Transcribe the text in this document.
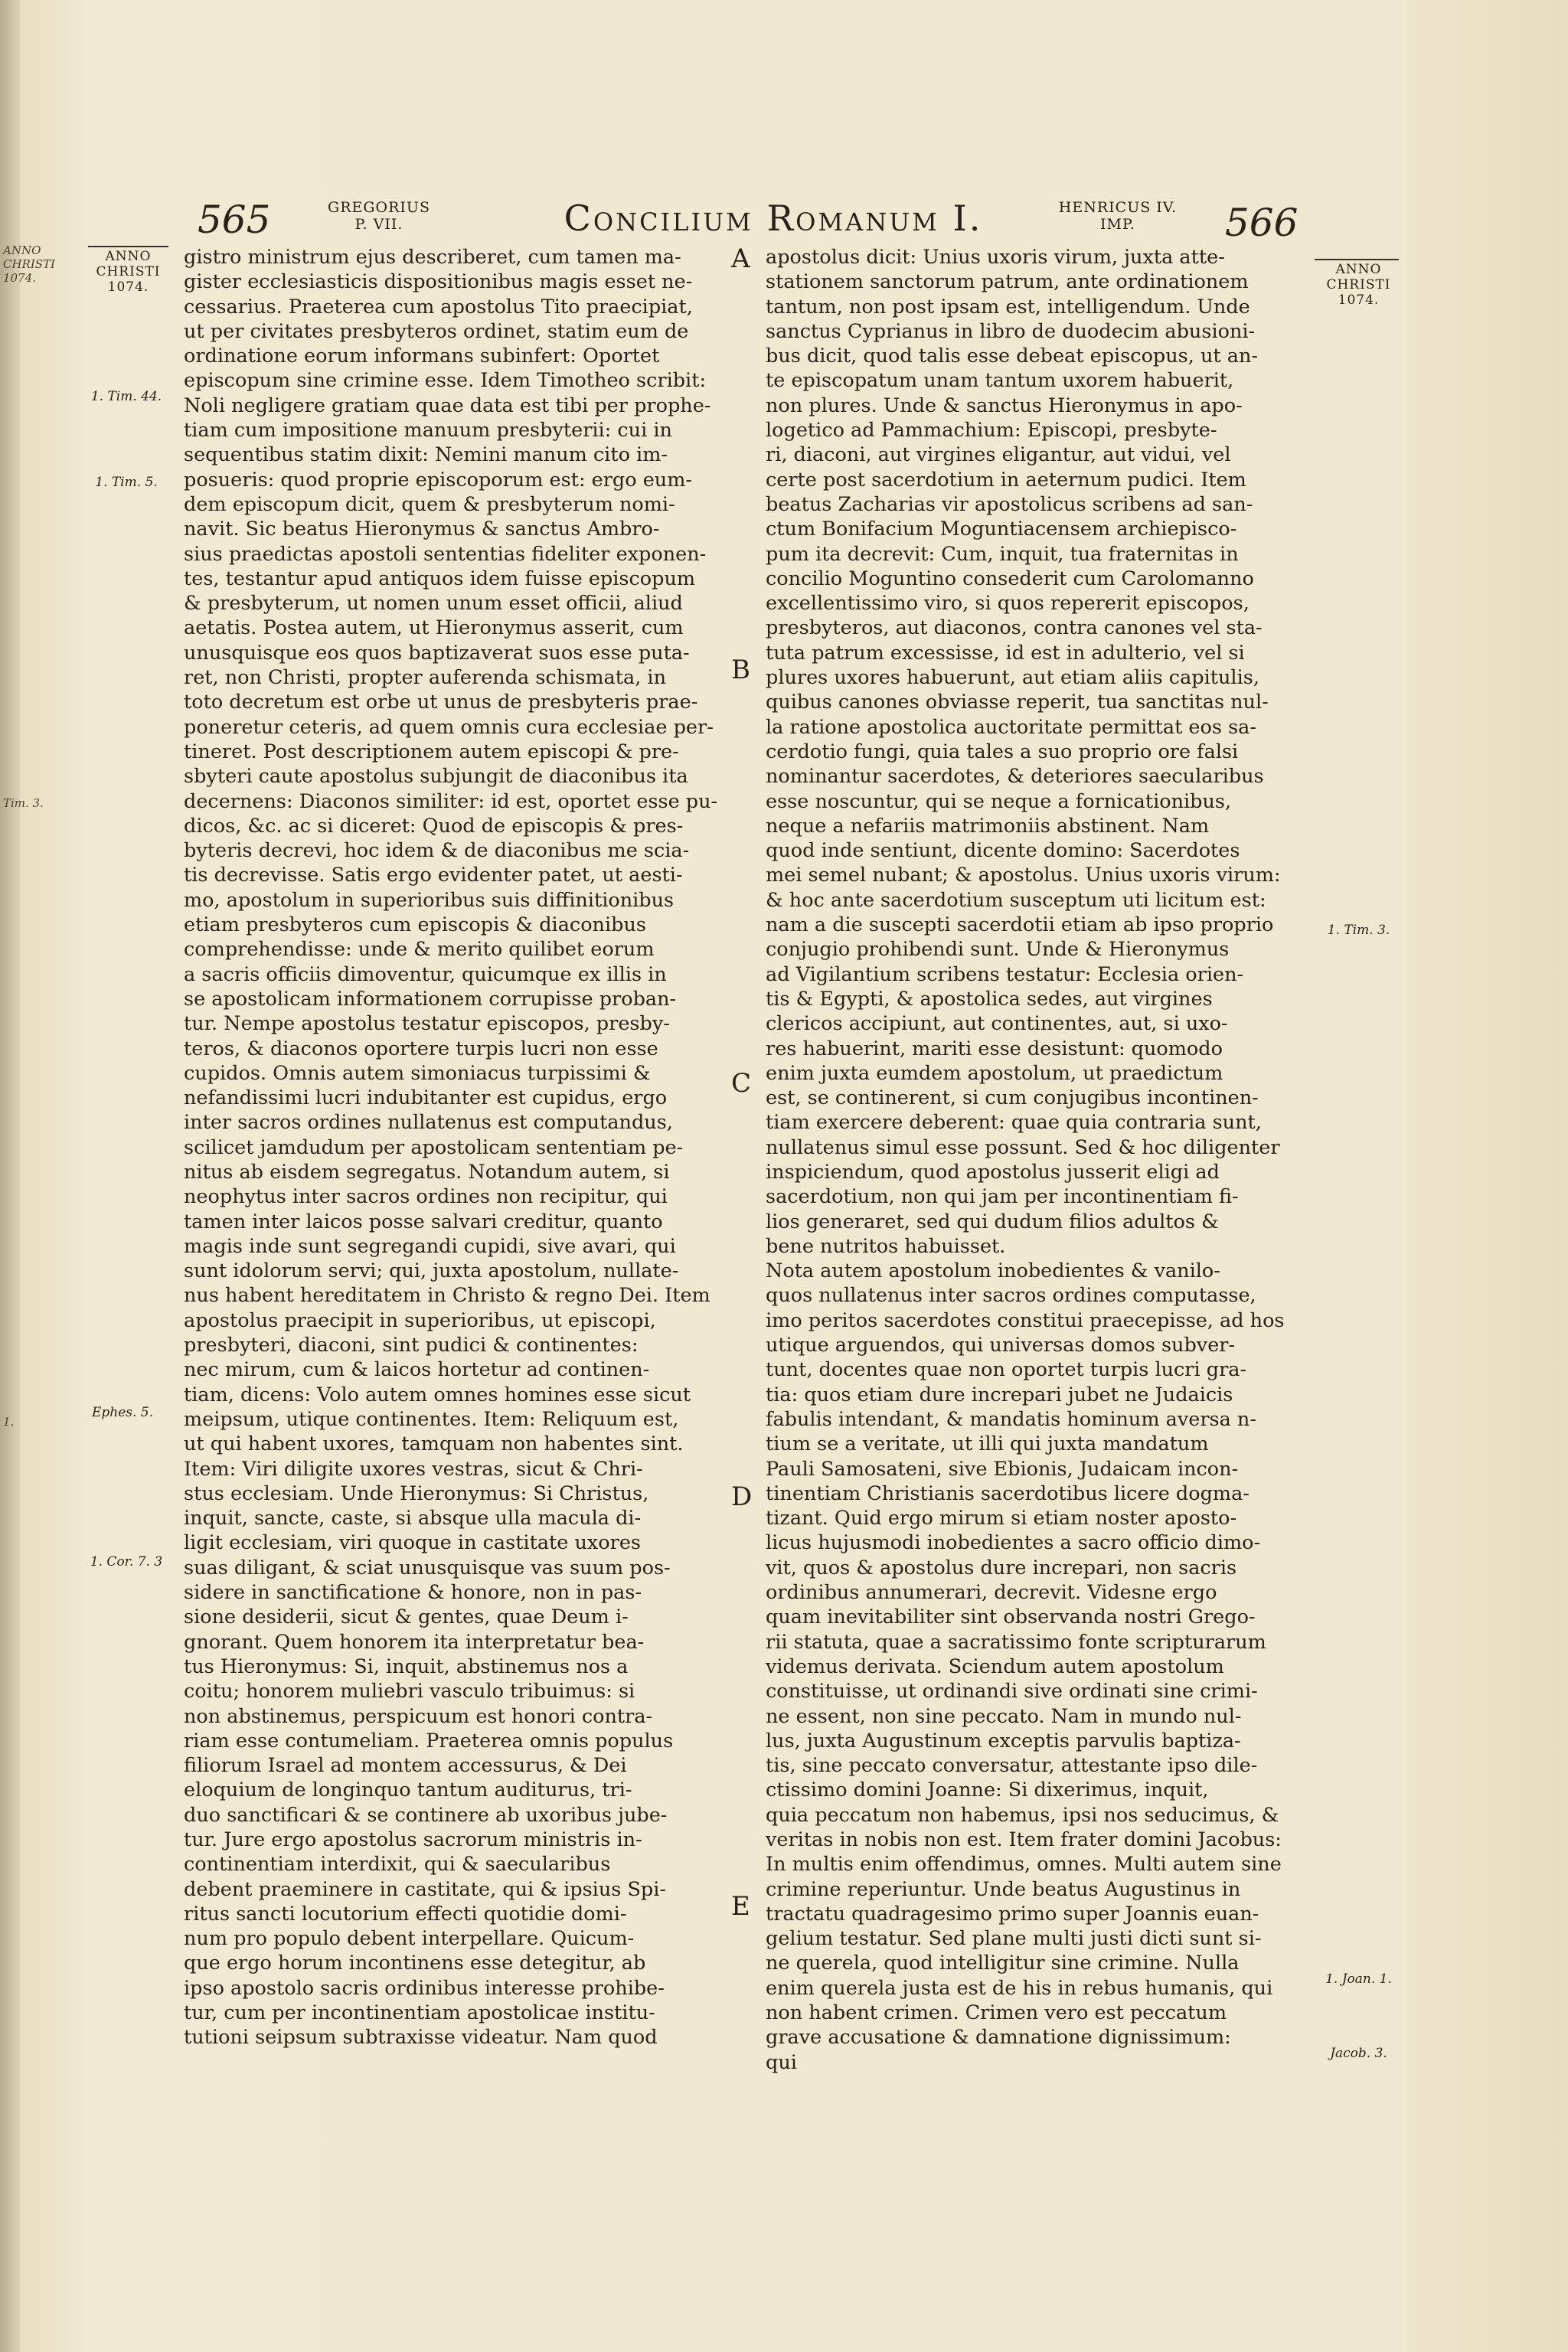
ANNO
CHRISTI
1074.
Tim. 3.
1.
565	GREGORIUS
P. VII.	Concilium Romanum I.	HENRICUS IV.
IMP.	566
ANNO
CHRISTI
1074.
1. Tim. 44.
1. Tim. 5.
Ephes. 5.
1. Cor. 7. 3
A
B
C
D
E
ANNO
CHRISTI
1074.
1. Tim. 3.
1. Joan. 1.
Jacob. 3.

gistro ministrum ejus describeret, cum tamen ma-

gister ecclesiasticis dispositionibus magis esset ne-

cessarius. Praeterea cum apostolus Tito praecipiat,

ut per civitates presbyteros ordinet, statim eum de

ordinatione eorum informans subinfert: Oportet

episcopum sine crimine esse. Idem Timotheo scribit:

Noli negligere gratiam quae data est tibi per prophe-

tiam cum impositione manuum presbyterii: cui in

sequentibus statim dixit: Nemini manum cito im-

posueris: quod proprie episcoporum est: ergo eum-

dem episcopum dicit, quem & presbyterum nomi-

navit. Sic beatus Hieronymus & sanctus Ambro-

sius praedictas apostoli sententias fideliter exponen-

tes, testantur apud antiquos idem fuisse episcopum

& presbyterum, ut nomen unum esset officii, aliud

aetatis. Postea autem, ut Hieronymus asserit, cum

unusquisque eos quos baptizaverat suos esse puta-

ret, non Christi, propter auferenda schismata, in

toto decretum est orbe ut unus de presbyteris prae-

poneretur ceteris, ad quem omnis cura ecclesiae per-

tineret. Post descriptionem autem episcopi & pre-

sbyteri caute apostolus subjungit de diaconibus ita

decernens: Diaconos similiter: id est, oportet esse pu-

dicos, &c. ac si diceret: Quod de episcopis & pres-

byteris decrevi, hoc idem & de diaconibus me scia-

tis decrevisse. Satis ergo evidenter patet, ut aesti-

mo, apostolum in superioribus suis diffinitionibus

etiam presbyteros cum episcopis & diaconibus

comprehendisse: unde & merito quilibet eorum

a sacris officiis dimoventur, quicumque ex illis in

se apostolicam informationem corrupisse proban-

tur. Nempe apostolus testatur episcopos, presby-

teros, & diaconos oportere turpis lucri non esse

cupidos. Omnis autem simoniacus turpissimi &

nefandissimi lucri indubitanter est cupidus, ergo

inter sacros ordines nullatenus est computandus,

scilicet jamdudum per apostolicam sententiam pe-

nitus ab eisdem segregatus. Notandum autem, si

neophytus inter sacros ordines non recipitur, qui

tamen inter laicos posse salvari creditur, quanto

magis inde sunt segregandi cupidi, sive avari, qui

sunt idolorum servi; qui, juxta apostolum, nullate-

nus habent hereditatem in Christo & regno Dei. Item

apostolus praecipit in superioribus, ut episcopi,

presbyteri, diaconi, sint pudici & continentes:

nec mirum, cum & laicos hortetur ad continen-

tiam, dicens: Volo autem omnes homines esse sicut

meipsum, utique continentes. Item: Reliquum est,

ut qui habent uxores, tamquam non habentes sint.

Item: Viri diligite uxores vestras, sicut & Chri-

stus ecclesiam. Unde Hieronymus: Si Christus,

inquit, sancte, caste, si absque ulla macula di-

ligit ecclesiam, viri quoque in castitate uxores

suas diligant, & sciat unusquisque vas suum pos-

sidere in sanctificatione & honore, non in pas-

sione desiderii, sicut & gentes, quae Deum i-

gnorant. Quem honorem ita interpretatur bea-

tus Hieronymus: Si, inquit, abstinemus nos a

coitu; honorem muliebri vasculo tribuimus: si

non abstinemus, perspicuum est honori contra-

riam esse contumeliam. Praeterea omnis populus

filiorum Israel ad montem accessurus, & Dei

eloquium de longinquo tantum auditurus, tri-

duo sanctificari & se continere ab uxoribus jube-

tur. Jure ergo apostolus sacrorum ministris in-

continentiam interdixit, qui & saecularibus

debent praeminere in castitate, qui & ipsius Spi-

ritus sancti locutorium effecti quotidie domi-

num pro populo debent interpellare. Quicum-

que ergo horum incontinens esse detegitur, ab

ipso apostolo sacris ordinibus interesse prohibe-

tur, cum per incontinentiam apostolicae institu-

tutioni seipsum subtraxisse videatur. Nam quod

apostolus dicit: Unius uxoris virum, juxta atte-

stationem sanctorum patrum, ante ordinationem

tantum, non post ipsam est, intelligendum. Unde

sanctus Cyprianus in libro de duodecim abusioni-

bus dicit, quod talis esse debeat episcopus, ut an-

te episcopatum unam tantum uxorem habuerit,

non plures. Unde & sanctus Hieronymus in apo-

logetico ad Pammachium: Episcopi, presbyte-

ri, diaconi, aut virgines eligantur, aut vidui, vel

certe post sacerdotium in aeternum pudici. Item

beatus Zacharias vir apostolicus scribens ad san-

ctum Bonifacium Moguntiacensem archiepisco-

pum ita decrevit: Cum, inquit, tua fraternitas in

concilio Moguntino consederit cum Carolomanno

excellentissimo viro, si quos repererit episcopos,

presbyteros, aut diaconos, contra canones vel sta-

tuta patrum excessisse, id est in adulterio, vel si

plures uxores habuerunt, aut etiam aliis capitulis,

quibus canones obviasse reperit, tua sanctitas nul-

la ratione apostolica auctoritate permittat eos sa-

cerdotio fungi, quia tales a suo proprio ore falsi

nominantur sacerdotes, & deteriores saecularibus

esse noscuntur, qui se neque a fornicationibus,

neque a nefariis matrimoniis abstinent. Nam

quod inde sentiunt, dicente domino: Sacerdotes

mei semel nubant; & apostolus. Unius uxoris virum:

& hoc ante sacerdotium susceptum uti licitum est:

nam a die suscepti sacerdotii etiam ab ipso proprio

conjugio prohibendi sunt. Unde & Hieronymus

ad Vigilantium scribens testatur: Ecclesia orien-

tis & Egypti, & apostolica sedes, aut virgines

clericos accipiunt, aut continentes, aut, si uxo-

res habuerint, mariti esse desistunt: quomodo

enim juxta eumdem apostolum, ut praedictum

est, se continerent, si cum conjugibus incontinen-

tiam exercere deberent: quae quia contraria sunt,

nullatenus simul esse possunt. Sed & hoc diligenter

inspiciendum, quod apostolus jusserit eligi ad

sacerdotium, non qui jam per incontinentiam fi-

lios generaret, sed qui dudum filios adultos &

bene nutritos habuisset.

Nota autem apostolum inobedientes & vanilo-

quos nullatenus inter sacros ordines computasse,

imo peritos sacerdotes constitui praecepisse, ad hos

utique arguendos, qui universas domos subver-

tunt, docentes quae non oportet turpis lucri gra-

tia: quos etiam dure increpari jubet ne Judaicis

fabulis intendant, & mandatis hominum aversa n-

tium se a veritate, ut illi qui juxta mandatum

Pauli Samosateni, sive Ebionis, Judaicam incon-

tinentiam Christianis sacerdotibus licere dogma-

tizant. Quid ergo mirum si etiam noster aposto-

licus hujusmodi inobedientes a sacro officio dimo-

vit, quos & apostolus dure increpari, non sacris

ordinibus annumerari, decrevit. Videsne ergo

quam inevitabiliter sint observanda nostri Grego-

rii statuta, quae a sacratissimo fonte scripturarum

videmus derivata. Sciendum autem apostolum

constituisse, ut ordinandi sive ordinati sine crimi-

ne essent, non sine peccato. Nam in mundo nul-

lus, juxta Augustinum exceptis parvulis baptiza-

tis, sine peccato conversatur, attestante ipso dile-

ctissimo domini Joanne: Si dixerimus, inquit,

quia peccatum non habemus, ipsi nos seducimus, &

veritas in nobis non est. Item frater domini Jacobus:

In multis enim offendimus, omnes. Multi autem sine

crimine reperiuntur. Unde beatus Augustinus in

tractatu quadragesimo primo super Joannis euan-

gelium testatur. Sed plane multi justi dicti sunt si-

ne querela, quod intelligitur sine crimine. Nulla

enim querela justa est de his in rebus humanis, qui

non habent crimen. Crimen vero est peccatum

grave accusatione & damnatione dignissimum:

qui
